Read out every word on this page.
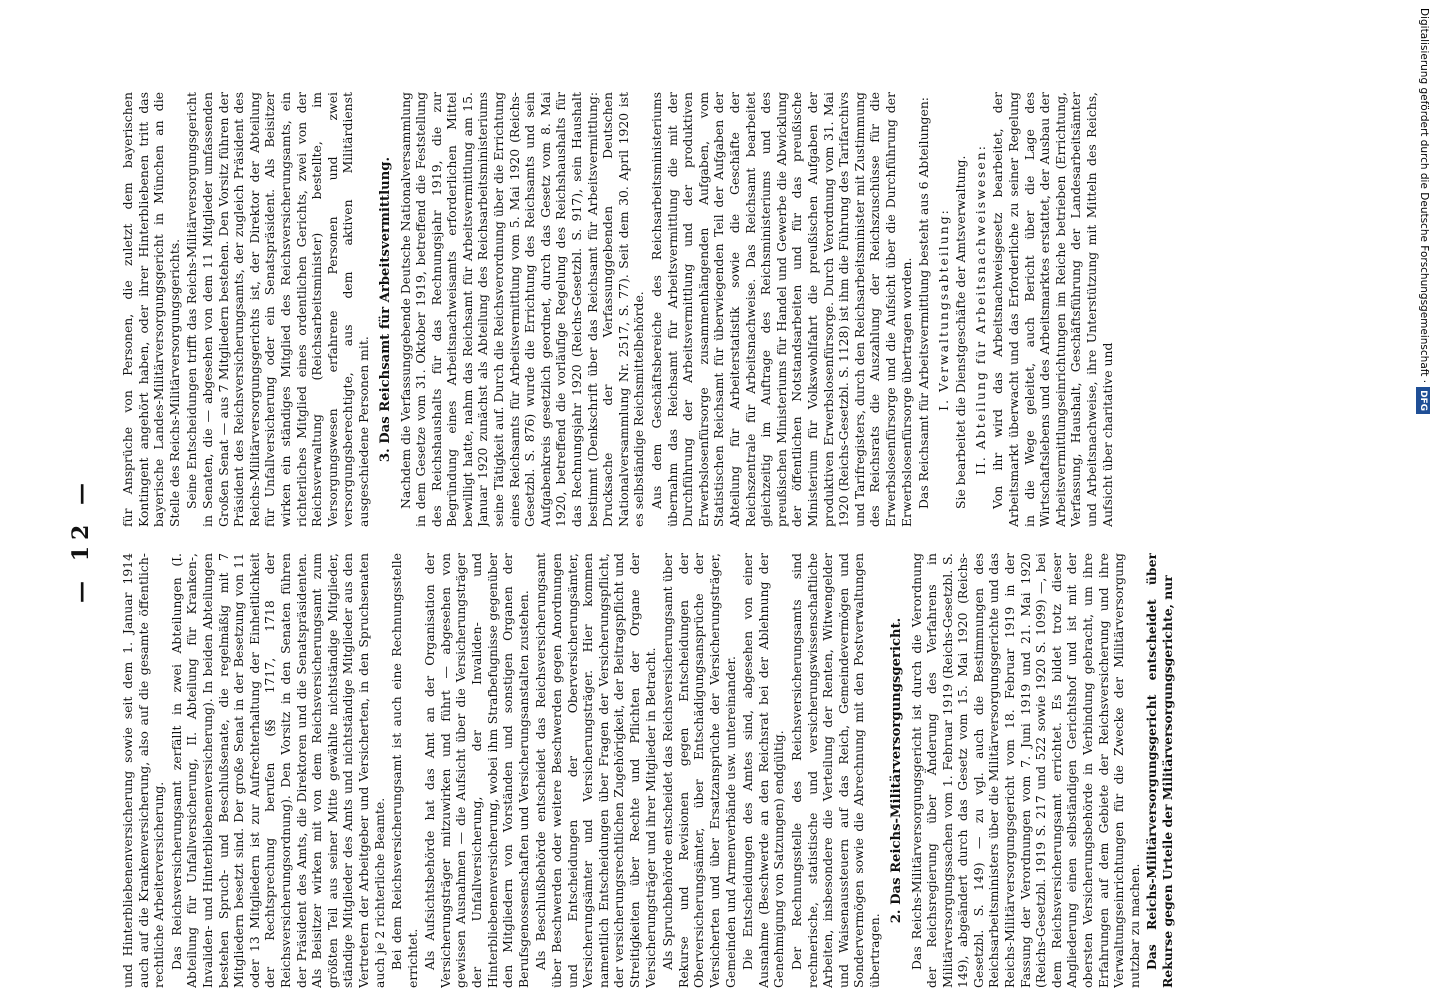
— 12 —

und Hinterbliebenenversicherung sowie seit dem 1. Januar 1914 auch auf die Krankenversicherung, also auf die gesamte öffentlich-rechtliche Arbeiterversicherung. Das Reichsversicherungsamt zerfällt in zwei Abteilungen (I. Abteilung für Unfallversicherung, II. Abteilung für Kranken-, Invaliden- und Hinterbliebenenversicherung). In beiden Abteilungen bestehen Spruch- und Beschlußsenate, die regelmäßig mit 7 Mitgliedern besetzt sind. Der große Senat in der Besetzung von 11 oder 13 Mitgliedern ist zur Aufrechterhaltung der Einheitlichkeit der Rechtsprechung berufen (§§ 1717, 1718 der Reichsversicherungsordnung). Den Vorsitz in den Senaten führen der Präsident des Amts, die Direktoren und die Senatspräsidenten. Als Beisitzer wirken mit von dem Reichsversicherungsamt zum größten Teil aus seiner Mitte gewählte nichtständige Mitglieder, ständige Mitglieder des Amts und nichtständige Mitglieder aus den Vertretern der Arbeitgeber und Versicherten, in den Spruchsenaten auch je 2 richterliche Beamte. Bei dem Reichsversicherungsamt ist auch eine Rechnungsstelle errichtet. Als Aufsichtsbehörde hat das Amt an der Organisation der Versicherungsträger mitzuwirken und führt — abgesehen von gewissen Ausnahmen — die Aufsicht über die Versicherungsträger der Unfallversicherung, der Invaliden- und Hinterbliebenenversicherung, wobei ihm Strafbefugnisse gegenüber den Mitgliedern von Vorständen und sonstigen Organen der Berufsgenossenschaften und Versicherungsanstalten zustehen. Als Beschlußbehörde entscheidet das Reichsversicherungsamt über Beschwerden oder weitere Beschwerden gegen Anordnungen und Entscheidungen der Oberversicherungsämter, Versicherungsämter und Versicherungsträger. Hier kommen namentlich Entscheidungen über Fragen der Versicherungspflicht, der versicherungsrechtlichen Zugehörigkeit, der Beitragspflicht und Streitigkeiten über Rechte und Pflichten der Organe der Versicherungsträger und ihrer Mitglieder in Betracht. Als Spruchbehörde entscheidet das Reichsversicherungsamt über Rekurse und Revisionen gegen Entscheidungen der Oberversicherungsämter, über Entschädigungsansprüche der Versicherten und über Ersatzansprüche der Versicherungsträger, Gemeinden und Armenverbände usw. untereinander. Die Entscheidungen des Amtes sind, abgesehen von einer Ausnahme (Beschwerde an den Reichsrat bei der Ablehnung der Genehmigung von Satzungen) endgültig. Der Rechnungsstelle des Reichsversicherungsamts sind rechnerische, statistische und versicherungswissenschaftliche Arbeiten, insbesondere die Verteilung der Renten, Witwengelder und Waisenaussteuern auf das Reich, Gemeindevermögen und Sondervermögen sowie die Abrechnung mit den Postverwaltungen übertragen.

2. Das Reichs-Militärversorgungsgericht. Das Reichs-Militärversorgungsgericht ist durch die Verordnung der Reichsregierung über Änderung des Verfahrens in Militärversorgungssachen vom 1. Februar 1919 (Reichs-Gesetzbl. S. 149), abgeändert durch das Gesetz vom 15. Mai 1920 (Reichs-Gesetzbl. S. 149) — zu vgl. auch die Bestimmungen des Reichsarbeitsministers über die Militärversorgungsgerichte und das Reichs-Militärversorgungsgericht vom 18. Februar 1919 in der Fassung der Verordnungen vom 7. Juni 1919 und 21. Mai 1920 (Reichs-Gesetzbl. 1919 S. 217 und 522 sowie 1920 S. 1099) —, bei dem Reichsversicherungsamt errichtet. Es bildet trotz dieser Angliederung einen selbständigen Gerichtshof und ist mit der obersten Versicherungsbehörde in Verbindung gebracht, um ihre Erfahrungen auf dem Gebiete der Reichsversicherung und ihre Verwaltungseinrichtungen für die Zwecke der Militärversorgung nutzbar zu machen. Das Reichs-Militärversorgungsgericht entscheidet über Rekurse gegen Urteile der Militärversorgungsgerichte, nur

für Ansprüche von Personen, die zuletzt dem bayerischen Kontingent angehört haben, oder ihrer Hinterbliebenen tritt das bayerische Landes-Militärversorgungsgericht in München an die Stelle des Reichs-Militärversorgungsgerichts. Seine Entscheidungen trifft das Reichs-Militärversorgungsgericht in Senaten, die — abgesehen von dem 11 Mitglieder umfassenden Großen Senat — aus 7 Mitgliedern bestehen. Den Vorsitz führen der Präsident des Reichsversicherungsamts, der zugleich Präsident des Reichs-Militärversorgungsgerichts ist, der Direktor der Abteilung für Unfallversicherung oder ein Senatspräsident. Als Beisitzer wirken ein ständiges Mitglied des Reichsversicherungsamts, ein richterliches Mitglied eines ordentlichen Gerichts, zwei von der Reichsverwaltung (Reichsarbeitsminister) bestellte, im Versorgungswesen erfahrene Personen und zwei versorgungsberechtigte, aus dem aktiven Militärdienst ausgeschiedene Personen mit. 3. Das Reichsamt für Arbeitsvermittlung. Nachdem die Verfassunggebende Deutsche Nationalversammlung in dem Gesetze vom 31. Oktober 1919, betreffend die Feststellung des Reichshaushalts für das Rechnungsjahr 1919, die zur Begründung eines Arbeitsnachweisamts erforderlichen Mittel bewilligt hatte, nahm das Reichsamt für Arbeitsvermittlung am 15. Januar 1920 zunächst als Abteilung des Reichsarbeitsministeriums seine Tätigkeit auf. Durch die Reichsverordnung über die Errichtung eines Reichsamts für Arbeitsvermittlung vom 5. Mai 1920 (Reichs-Gesetzbl. S. 876) wurde die Errichtung des Reichsamts und sein Aufgabenkreis gesetzlich geordnet, durch das Gesetz vom 8. Mai 1920, betreffend die vorläufige Regelung des Reichshaushalts für das Rechnungsjahr 1920 (Reichs-Gesetzbl. S. 917), sein Haushalt bestimmt (Denkschrift über das Reichsamt für Arbeitsvermittlung: Drucksache der Verfassunggebenden Deutschen Nationalversammlung Nr. 2517, S. 77). Seit dem 30. April 1920 ist es selbständige Reichsmittelbehörde. Aus dem Geschäftsbereiche des Reichsarbeitsministeriums übernahm das Reichsamt für Arbeitsvermittlung die mit der Durchführung der Arbeitsvermittlung und der produktiven Erwerbslosenfürsorge zusammenhängenden Aufgaben, vom Statistischen Reichsamt für überwiegenden Teil der Aufgaben der Abteilung für Arbeiterstatistik sowie die Geschäfte der Reichszentrale für Arbeitsnachweise. Das Reichsamt bearbeitet gleichzeitig im Auftrage des Reichsministeriums und des preußischen Ministeriums für Handel und Gewerbe die Abwicklung der öffentlichen Notstandsarbeiten und für das preußische Ministerium für Volkswohlfahrt die preußischen Aufgaben der produktiven Erwerbslosenfürsorge. Durch Verordnung vom 31. Mai 1920 (Reichs-Gesetzbl. S. 1128) ist ihm die Führung des Tarifarchivs und Tarifregisters, durch den Reichsarbeitsminister mit Zustimmung des Reichsrats die Auszahlung der Reichszuschüsse für die Erwerbslosenfürsorge und die Aufsicht über die Durchführung der Erwerbslosenfürsorge übertragen worden. Das Reichsamt für Arbeitsvermittlung besteht aus 6 Abteilungen: I. Verwaltungsabteilung: Sie bearbeitet die Dienstgeschäfte der Amtsverwaltung. II. Abteilung für Arbeitsnachweiswesen: Von ihr wird das Arbeitsnachweisgesetz bearbeitet, der Arbeitsmarkt überwacht und das Erforderliche zu seiner Regelung in die Wege geleitet, auch Bericht über die Lage des Wirtschaftslebens und des Arbeitsmarktes erstattet, der Ausbau der Arbeitsvermittlungseinrichtungen im Reiche betrieben (Errichtung, Verfassung, Haushalt, Geschäftsführung der Landesarbeitsämter und Arbeitsnachweise, ihre Unterstützung mit Mitteln des Reichs, Aufsicht über charitative und

Digitalisierung gefördert durch die Deutsche Forschungsgemeinschaft ·DFG
